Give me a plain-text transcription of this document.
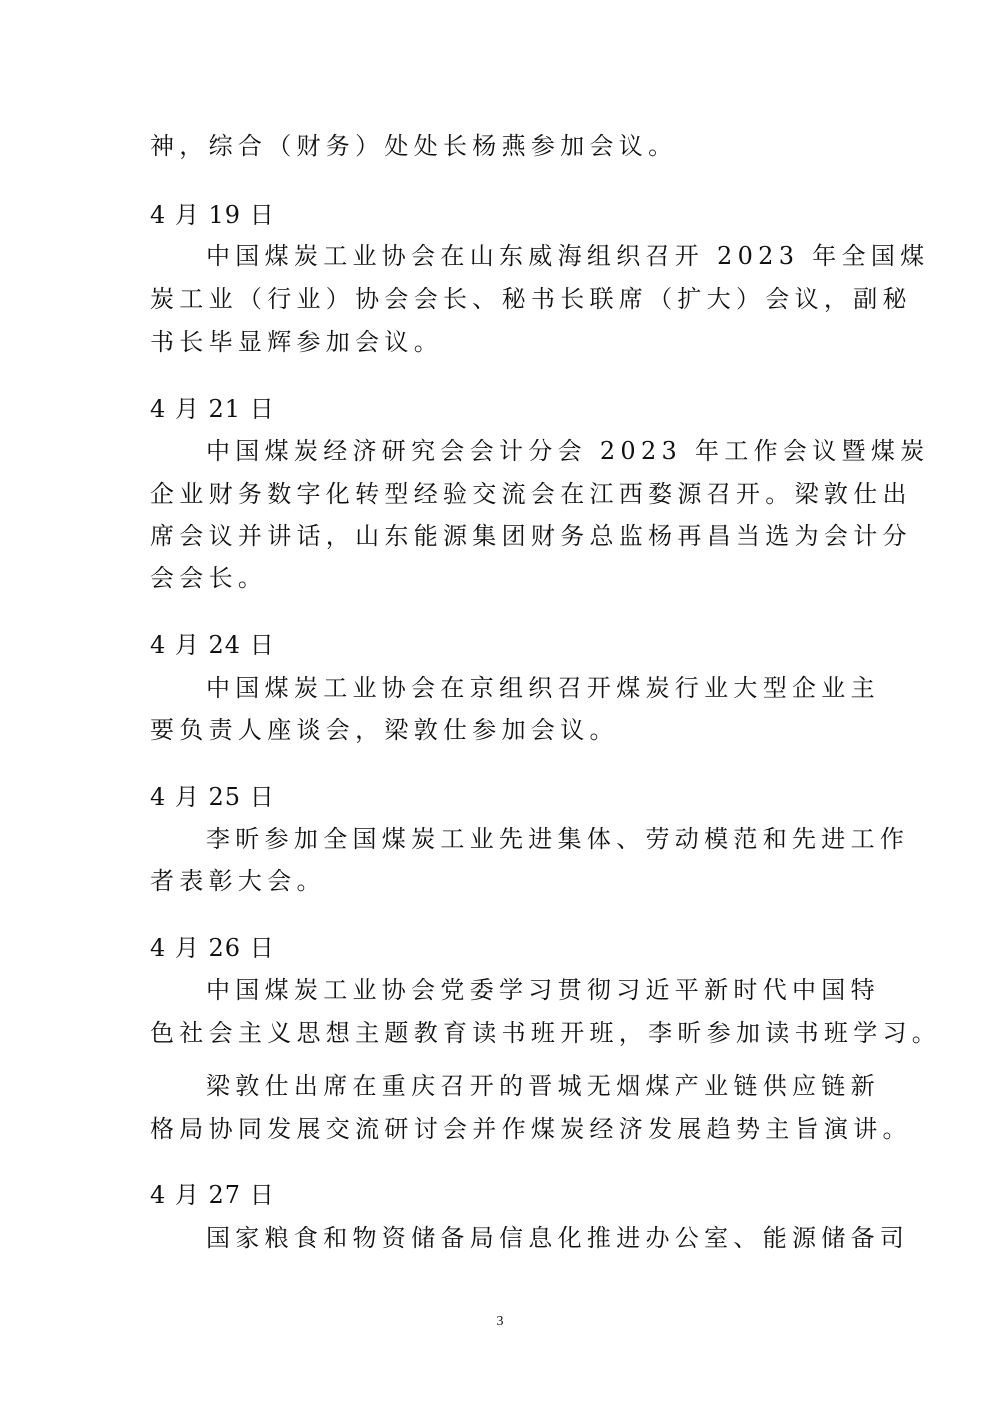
神，综合（财务）处处长杨燕参加会议。
4 月 19 日
中国煤炭工业协会在山东威海组织召开 2023 年全国煤
炭工业（行业）协会会长、秘书长联席（扩大）会议，副秘
书长毕显辉参加会议。
4 月 21 日
中国煤炭经济研究会会计分会 2023 年工作会议暨煤炭
企业财务数字化转型经验交流会在江西婺源召开。梁敦仕出
席会议并讲话，山东能源集团财务总监杨再昌当选为会计分
会会长。
4 月 24 日
中国煤炭工业协会在京组织召开煤炭行业大型企业主
要负责人座谈会，梁敦仕参加会议。
4 月 25 日
李昕参加全国煤炭工业先进集体、劳动模范和先进工作
者表彰大会。
4 月 26 日
中国煤炭工业协会党委学习贯彻习近平新时代中国特
色社会主义思想主题教育读书班开班，李昕参加读书班学习。
梁敦仕出席在重庆召开的晋城无烟煤产业链供应链新
格局协同发展交流研讨会并作煤炭经济发展趋势主旨演讲。
4 月 27 日
国家粮食和物资储备局信息化推进办公室、能源储备司
3
